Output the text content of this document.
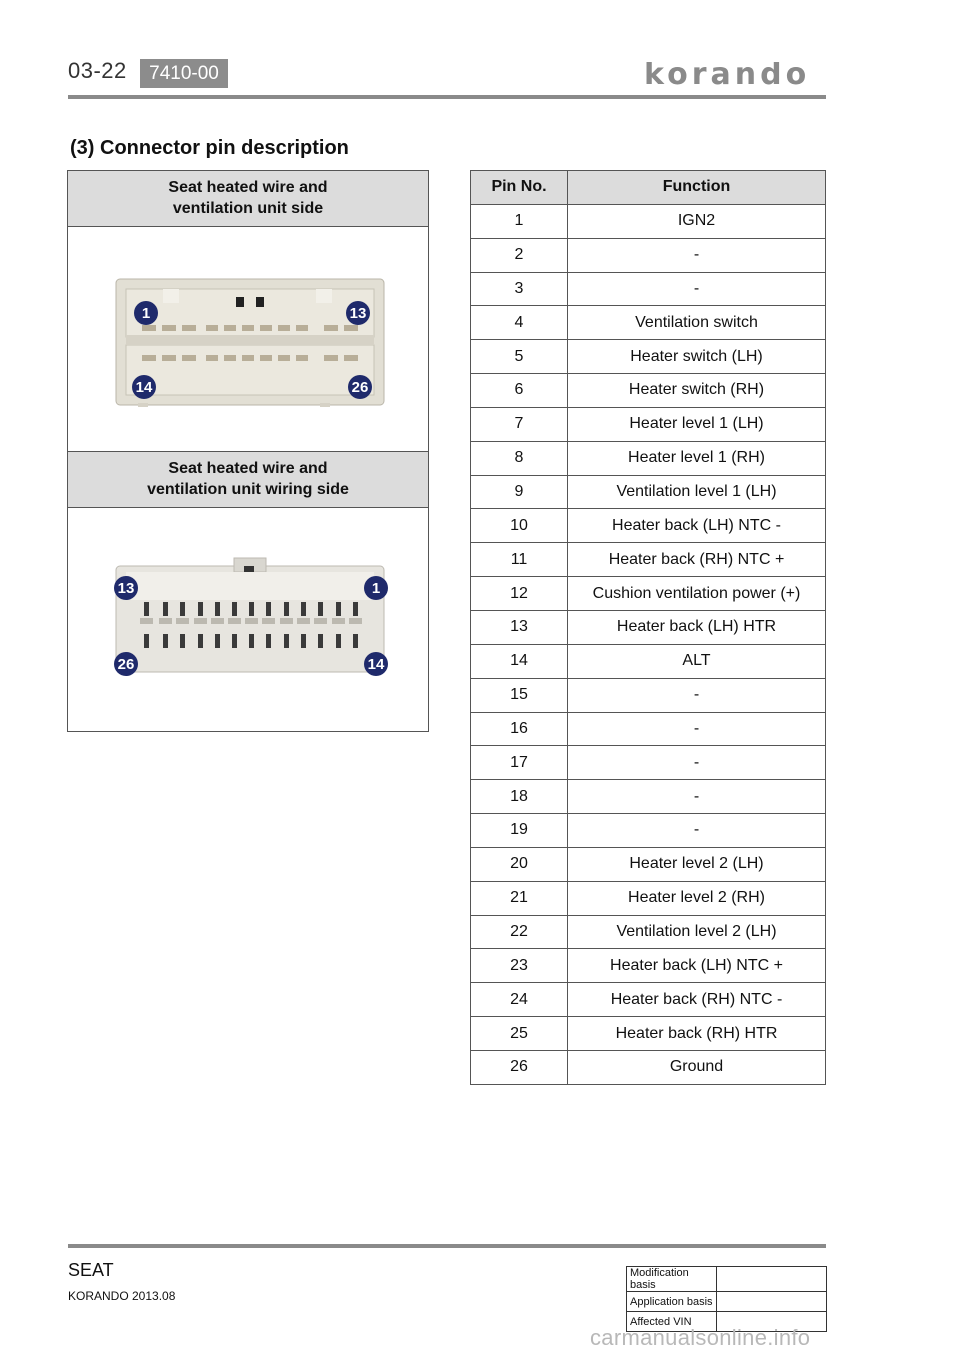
03-22	7410-00	korando
(3) Connector pin description
Seat heated wire and
ventilation unit side
1	13
14	26
Seat heated wire and
ventilation unit wiring side
13	1
26	14
Pin No.	Function
1	IGN2
2	-
3	-
4	Ventilation switch
5	Heater switch (LH)
6	Heater switch (RH)
7	Heater level 1 (LH)
8	Heater level 1 (RH)
9	Ventilation level 1 (LH)
10	Heater back (LH) NTC -
11	Heater back (RH) NTC +
12	Cushion ventilation power (+)
13	Heater back (LH) HTR
14	ALT
15	-
16	-
17	-
18	-
19	-
20	Heater level 2 (LH)
21	Heater level 2 (RH)
22	Ventilation level 2 (LH)
23	Heater back (LH) NTC +
24	Heater back (RH) NTC -
25	Heater back (RH) HTR
26	Ground
SEAT
KORANDO 2013.08
Modification basis	
Application basis	
Affected VIN	
carmanualsonline.info
